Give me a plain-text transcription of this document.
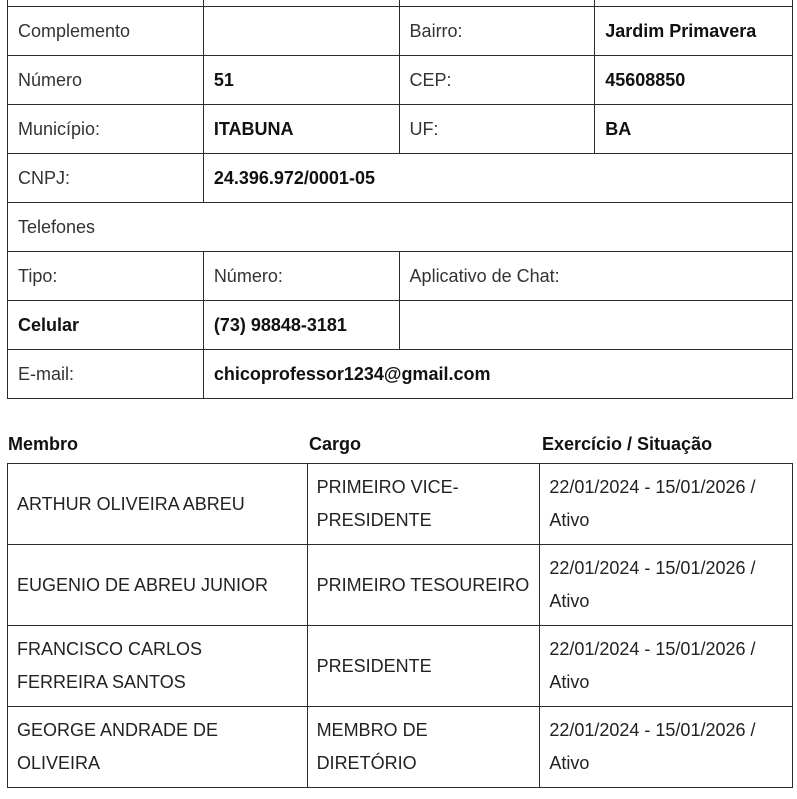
Complemento		Bairro:	Jardim Primavera
Número	51	CEP:	45608850
Município:	ITABUNA	UF:	BA
CNPJ:	24.396.972/0001-05		
Telefones			
Tipo:	Número:	Aplicativo de Chat:	
Celular	(73) 98848-3181		
E-mail:	chicoprofessor1234@gmail.com		
Membro	Cargo	Exercício / Situação
ARTHUR OLIVEIRA ABREU	PRIMEIRO VICE-PRESIDENTE	22/01/2024 - 15/01/2026 / Ativo
EUGENIO DE ABREU JUNIOR	PRIMEIRO TESOUREIRO	22/01/2024 - 15/01/2026 / Ativo
FRANCISCO CARLOS FERREIRA SANTOS	PRESIDENTE	22/01/2024 - 15/01/2026 / Ativo
GEORGE ANDRADE DE OLIVEIRA	MEMBRO DE DIRETÓRIO	22/01/2024 - 15/01/2026 / Ativo
